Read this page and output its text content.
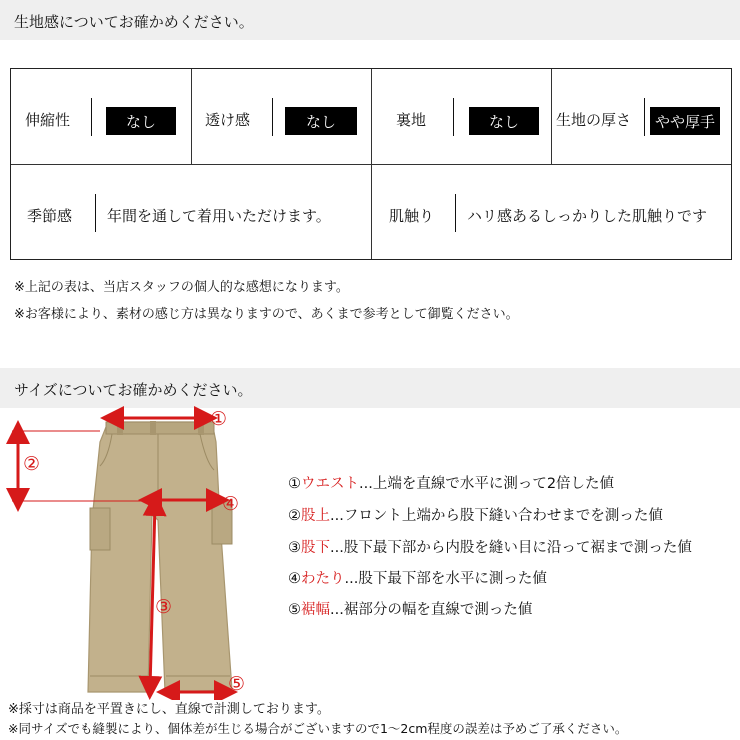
生地感についてお確かめください。
伸縮性	なし	透け感	なし	裏地	なし	生地の厚さ	やや厚手
季節感 年間を通して着用いただけます。	肌触り ハリ感あるしっかりした肌触りです
※上記の表は、当店スタッフの個人的な感想になります。
※お客様により、素材の感じ方は異なりますので、あくまで参考として御覧ください。
サイズについてお確かめください。
①
②
③
④
⑤
①ウエスト...上端を直線で水平に測って2倍した値
②股上...フロント上端から股下縫い合わせまでを測った値
③股下...股下最下部から内股を縫い目に沿って裾まで測った値
④わたり...股下最下部を水平に測った値
⑤裾幅...裾部分の幅を直線で測った値
※採寸は商品を平置きにし、直線で計測しております。
※同サイズでも縫製により、個体差が生じる場合がございますので1～2cm程度の誤差は予めご了承ください。
